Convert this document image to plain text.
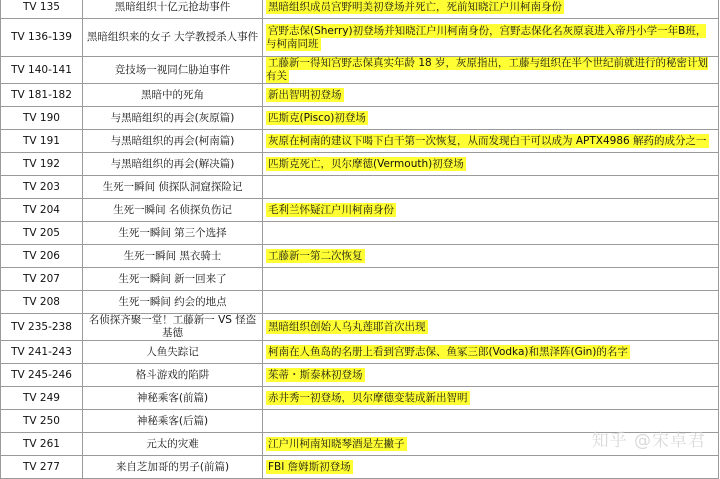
TV 135	黑暗组织十亿元抢劫事件	黑暗组织成员宫野明美初登场并死亡，死前知晓江户川柯南身份
TV 136-139	黑暗组织来的女子 大学教授杀人事件	宫野志保(Sherry)初登场并知晓江户川柯南身份，宫野志保化名灰原哀进入帝丹小学一年B班，与柯南同班
TV 140-141	竞技场一视同仁胁迫事件	工藤新一得知宫野志保真实年龄 18 岁，灰原指出，工藤与组织在半个世纪前就进行的秘密计划有关
TV 181-182	黑暗中的死角	新出智明初登场
TV 190	与黑暗组织的再会(灰原篇)	匹斯克(Pisco)初登场
TV 191	与黑暗组织的再会(柯南篇)	灰原在柯南的建议下喝下白干第一次恢复，从而发现白干可以成为 APTX4986 解药的成分之一
TV 192	与黑暗组织的再会(解决篇)	匹斯克死亡，贝尔摩德(Vermouth)初登场
TV 203	生死一瞬间 侦探队洞窟探险记	
TV 204	生死一瞬间 名侦探负伤记	毛利兰怀疑江户川柯南身份
TV 205	生死一瞬间 第三个选择	
TV 206	生死一瞬间 黑衣骑士	工藤新一第二次恢复
TV 207	生死一瞬间 新一回来了	
TV 208	生死一瞬间 约会的地点	
TV 235-238	名侦探齐聚一堂！工藤新一 VS 怪盗基德	黑暗组织创始人乌丸莲耶首次出现
TV 241-243	人鱼失踪记	柯南在人鱼岛的名册上看到宫野志保、鱼冢三郎(Vodka)和黑泽阵(Gin)的名字
TV 245-246	格斗游戏的陷阱	茱蒂・斯泰林初登场
TV 249	神秘乘客(前篇)	赤井秀一初登场，贝尔摩德变装成新出智明
TV 250	神秘乘客(后篇)	
TV 261	元太的灾难	江户川柯南知晓琴酒是左撇子
TV 277	来自芝加哥的男子(前篇)	FBI 詹姆斯初登场
知乎 @宋卓君
